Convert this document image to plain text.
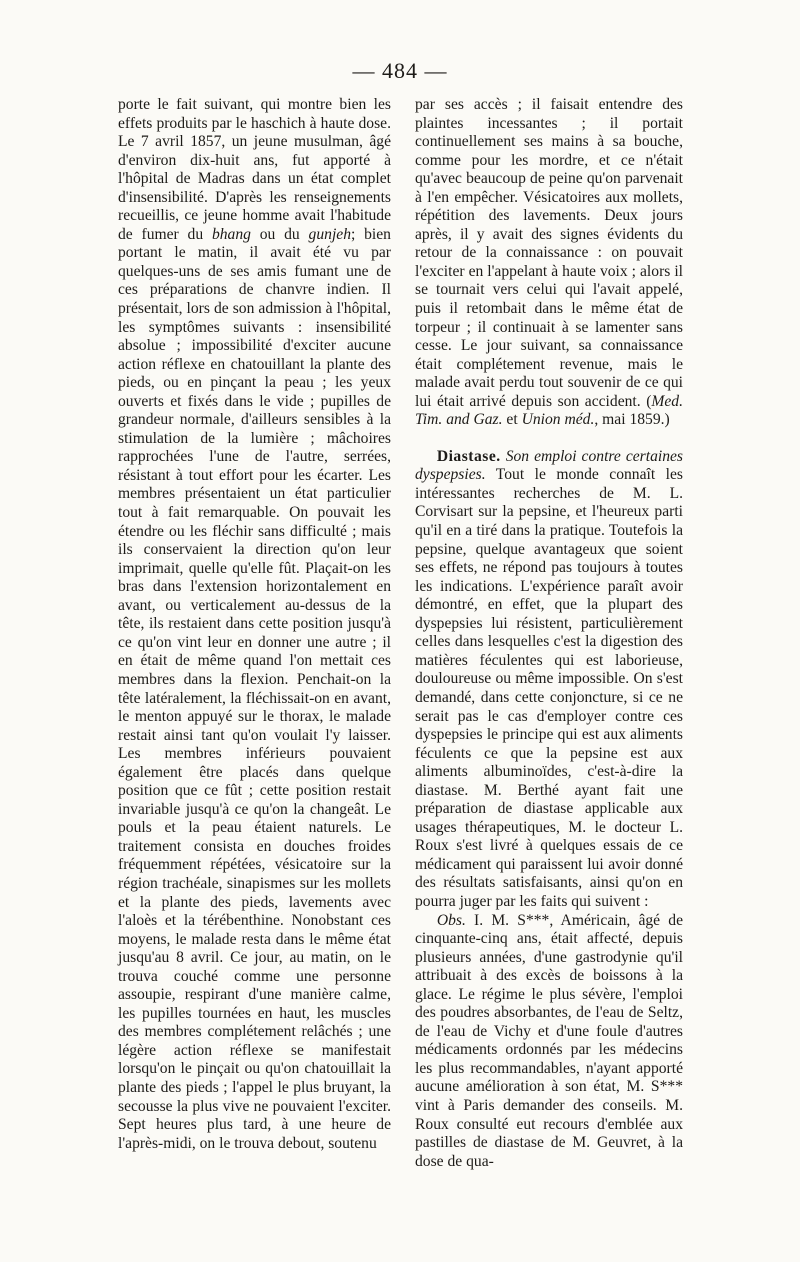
— 484 —

porte le fait suivant, qui montre bien les effets produits par le haschich à haute dose. Le 7 avril 1857, un jeune musulman, âgé d'environ dix-huit ans, fut apporté à l'hôpital de Madras dans un état complet d'insensibilité. D'après les renseignements recueillis, ce jeune homme avait l'habitude de fumer du bhang ou du gunjeh; bien portant le matin, il avait été vu par quelques-uns de ses amis fumant une de ces préparations de chanvre indien. Il présentait, lors de son admission à l'hôpital, les symptômes suivants : insensibilité absolue ; impossibilité d'exciter aucune action réflexe en chatouillant la plante des pieds, ou en pinçant la peau ; les yeux ouverts et fixés dans le vide ; pupilles de grandeur normale, d'ailleurs sensibles à la stimulation de la lumière ; mâchoires rapprochées l'une de l'autre, serrées, résistant à tout effort pour les écarter. Les membres présentaient un état particulier tout à fait remarquable. On pouvait les étendre ou les fléchir sans difficulté ; mais ils conservaient la direction qu'on leur imprimait, quelle qu'elle fût. Plaçait-on les bras dans l'extension horizontalement en avant, ou verticalement au-dessus de la tête, ils restaient dans cette position jusqu'à ce qu'on vint leur en donner une autre ; il en était de même quand l'on mettait ces membres dans la flexion. Penchait-on la tête latéralement, la fléchissait-on en avant, le menton appuyé sur le thorax, le malade restait ainsi tant qu'on voulait l'y laisser. Les membres inférieurs pouvaient également être placés dans quelque position que ce fût ; cette position restait invariable jusqu'à ce qu'on la changeât. Le pouls et la peau étaient naturels. Le traitement consista en douches froides fréquemment répétées, vésicatoire sur la région trachéale, sinapismes sur les mollets et la plante des pieds, lavements avec l'aloès et la térébenthine. Nonobstant ces moyens, le malade resta dans le même état jusqu'au 8 avril. Ce jour, au matin, on le trouva couché comme une personne assoupie, respirant d'une manière calme, les pupilles tournées en haut, les muscles des membres complétement relâchés ; une légère action réflexe se manifestait lorsqu'on le pinçait ou qu'on chatouillait la plante des pieds ; l'appel le plus bruyant, la secousse la plus vive ne pouvaient l'exciter. Sept heures plus tard, à une heure de l'après-midi, on le trouva debout, soutenu

par ses accès ; il faisait entendre des plaintes incessantes ; il portait continuellement ses mains à sa bouche, comme pour les mordre, et ce n'était qu'avec beaucoup de peine qu'on parvenait à l'en empêcher. Vésicatoires aux mollets, répétition des lavements. Deux jours après, il y avait des signes évidents du retour de la connaissance : on pouvait l'exciter en l'appelant à haute voix ; alors il se tournait vers celui qui l'avait appelé, puis il retombait dans le même état de torpeur ; il continuait à se lamenter sans cesse. Le jour suivant, sa connaissance était complétement revenue, mais le malade avait perdu tout souvenir de ce qui lui était arrivé depuis son accident. (Med. Tim. and Gaz. et Union méd., mai 1859.)

Diastase. Son emploi contre certaines dyspepsies. Tout le monde connaît les intéressantes recherches de M. L. Corvisart sur la pepsine, et l'heureux parti qu'il en a tiré dans la pratique. Toutefois la pepsine, quelque avantageux que soient ses effets, ne répond pas toujours à toutes les indications. L'expérience paraît avoir démontré, en effet, que la plupart des dyspepsies lui résistent, particulièrement celles dans lesquelles c'est la digestion des matières féculentes qui est laborieuse, douloureuse ou même impossible. On s'est demandé, dans cette conjoncture, si ce ne serait pas le cas d'employer contre ces dyspepsies le principe qui est aux aliments féculents ce que la pepsine est aux aliments albuminoïdes, c'est-à-dire la diastase. M. Berthé ayant fait une préparation de diastase applicable aux usages thérapeutiques, M. le docteur L. Roux s'est livré à quelques essais de ce médicament qui paraissent lui avoir donné des résultats satisfaisants, ainsi qu'on en pourra juger par les faits qui suivent :

Obs. I. M. S***, Américain, âgé de cinquante-cinq ans, était affecté, depuis plusieurs années, d'une gastrodynie qu'il attribuait à des excès de boissons à la glace. Le régime le plus sévère, l'emploi des poudres absorbantes, de l'eau de Seltz, de l'eau de Vichy et d'une foule d'autres médicaments ordonnés par les médecins les plus recommandables, n'ayant apporté aucune amélioration à son état, M. S*** vint à Paris demander des conseils. M. Roux consulté eut recours d'emblée aux pastilles de diastase de M. Geuvret, à la dose de qua-
